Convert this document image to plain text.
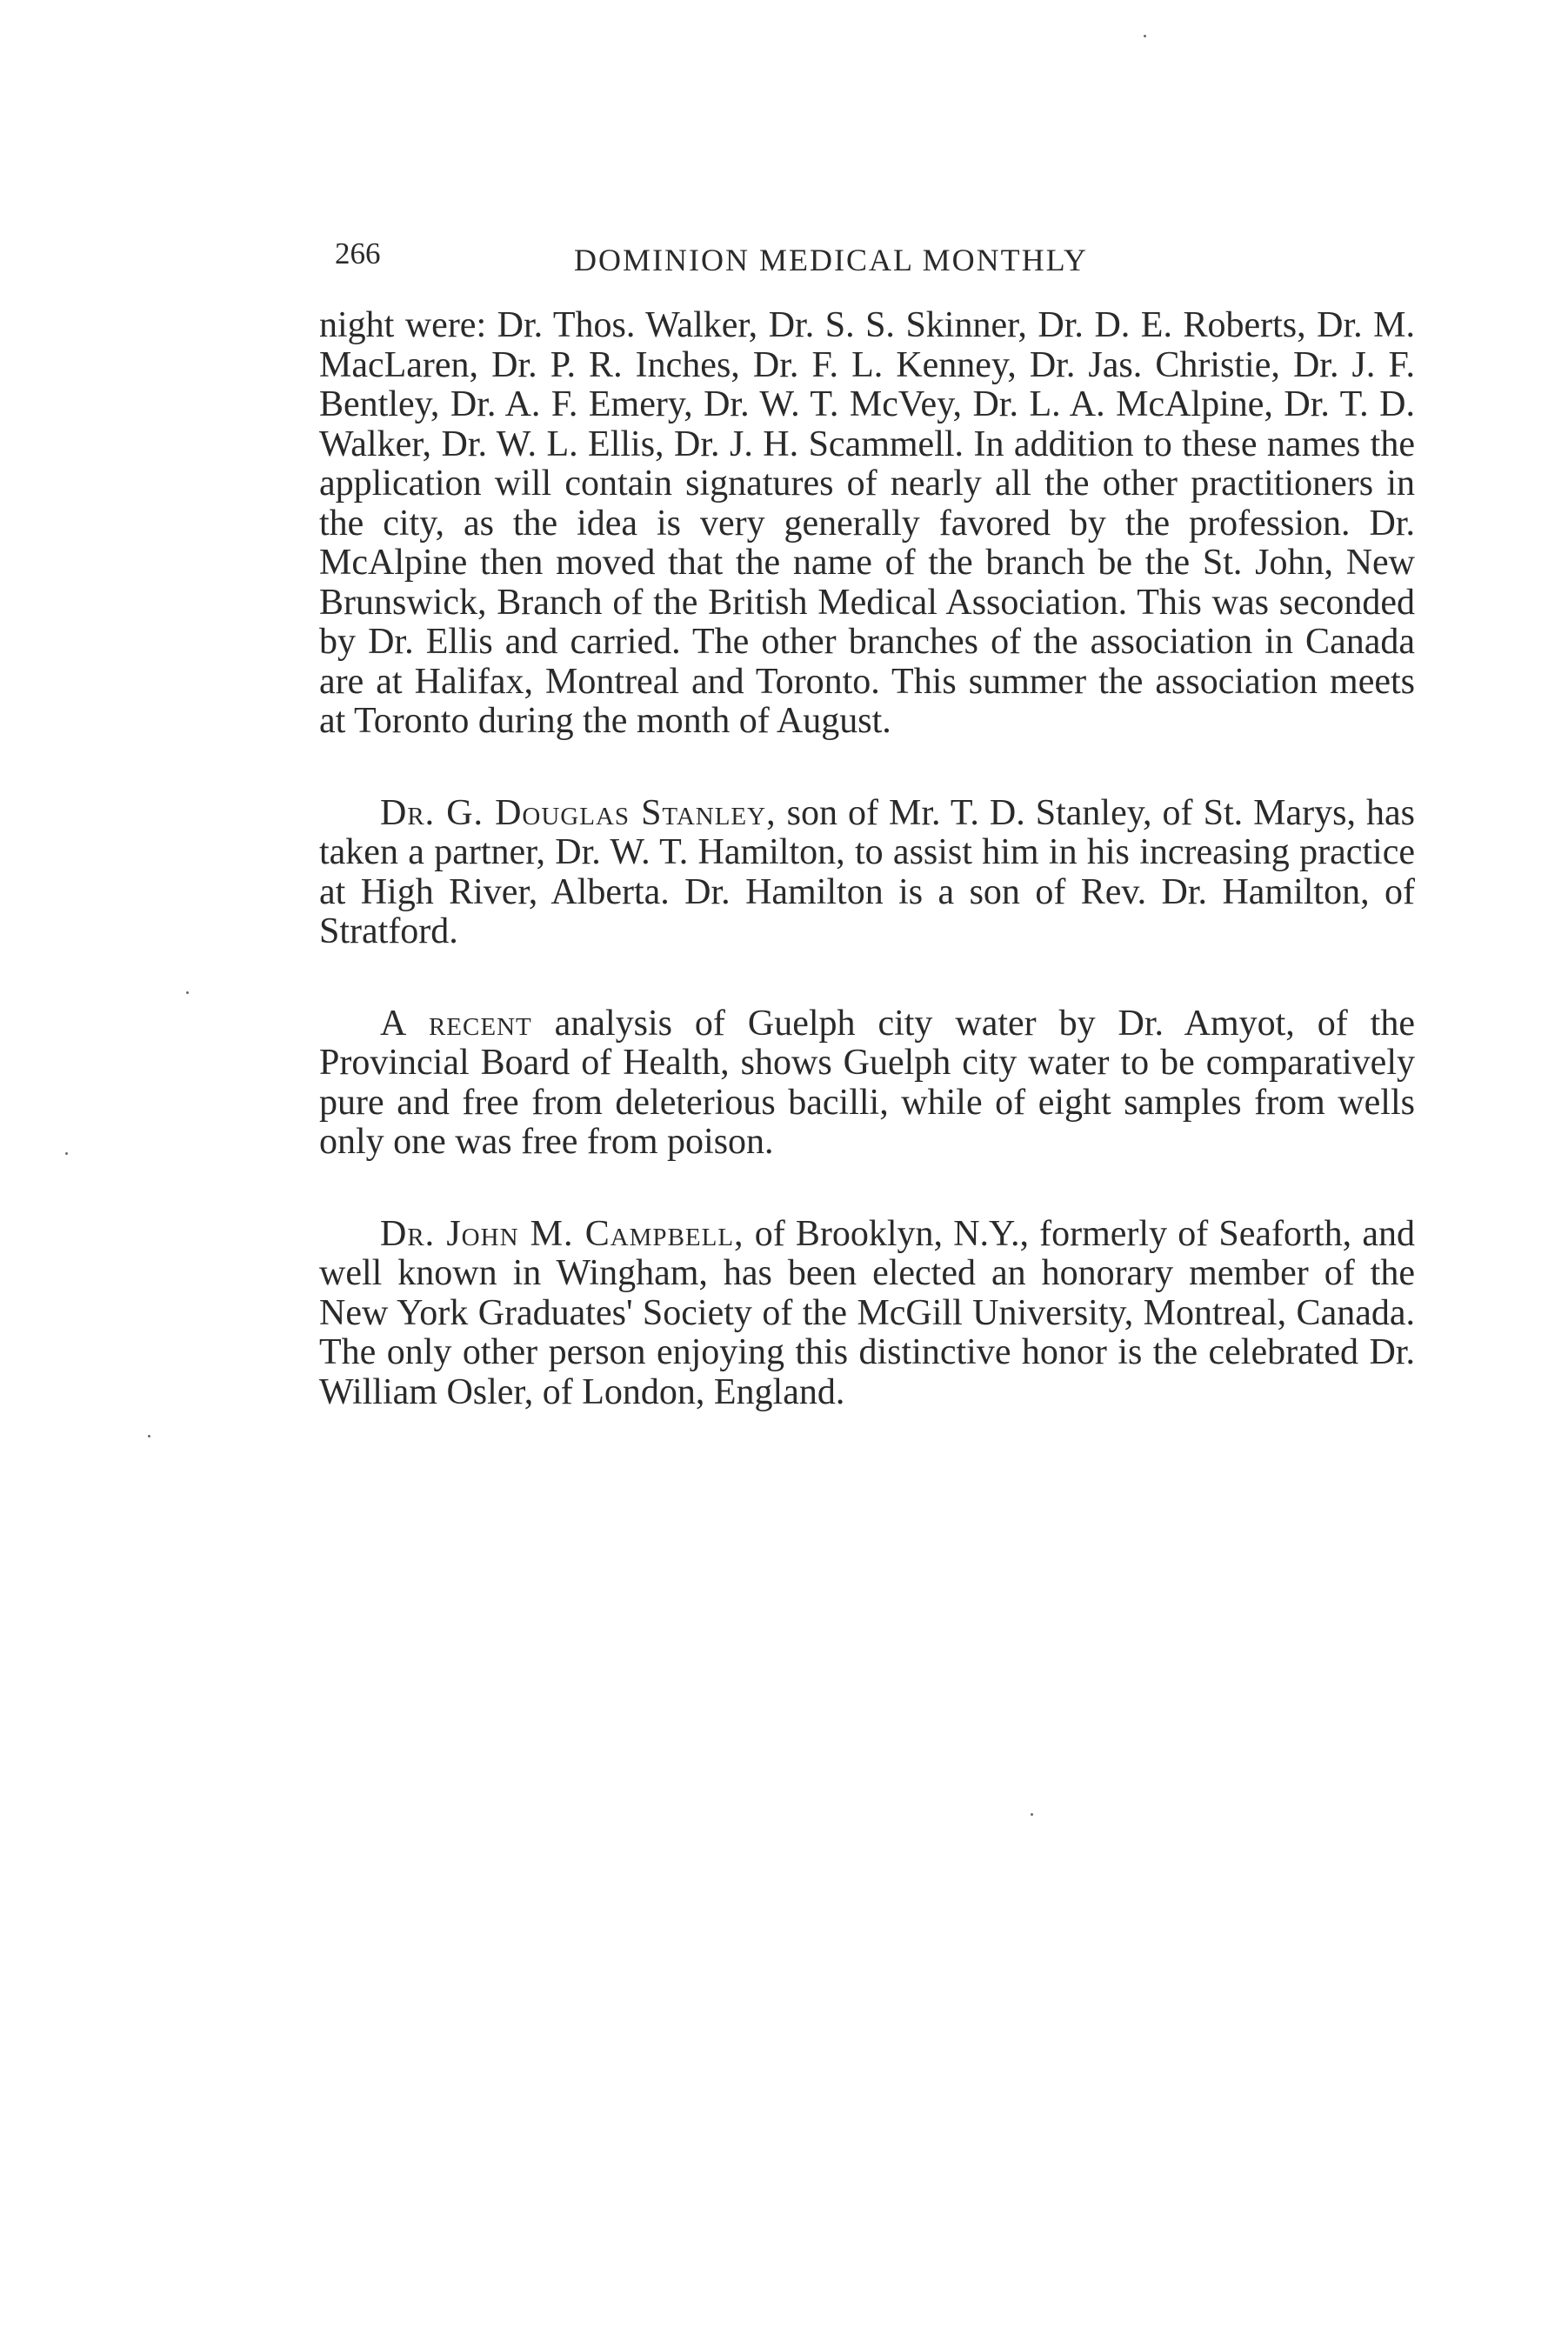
266	DOMINION MEDICAL MONTHLY

night were: Dr. Thos. Walker, Dr. S. S. Skinner, Dr. D. E. Roberts, Dr. M. MacLaren, Dr. P. R. Inches, Dr. F. L. Kenney, Dr. Jas. Christie, Dr. J. F. Bentley, Dr. A. F. Emery, Dr. W. T. McVey, Dr. L. A. McAlpine, Dr. T. D. Walker, Dr. W. L. Ellis, Dr. J. H. Scammell. In addition to these names the application will contain signatures of nearly all the other practitioners in the city, as the idea is very generally favored by the profession. Dr. McAlpine then moved that the name of the branch be the St. John, New Brunswick, Branch of the British Medical Association. This was seconded by Dr. Ellis and carried. The other branches of the association in Canada are at Halifax, Montreal and Toronto. This summer the association meets at Toronto during the month of August.

Dr. G. Douglas Stanley, son of Mr. T. D. Stanley, of St. Marys, has taken a partner, Dr. W. T. Hamilton, to assist him in his increasing practice at High River, Alberta. Dr. Hamilton is a son of Rev. Dr. Hamilton, of Stratford.

A recent analysis of Guelph city water by Dr. Amyot, of the Provincial Board of Health, shows Guelph city water to be comparatively pure and free from deleterious bacilli, while of eight samples from wells only one was free from poison.

Dr. John M. Campbell, of Brooklyn, N.Y., formerly of Seaforth, and well known in Wingham, has been elected an honorary member of the New York Graduates' Society of the McGill University, Montreal, Canada. The only other person enjoying this distinctive honor is the celebrated Dr. William Osler, of London, England.
